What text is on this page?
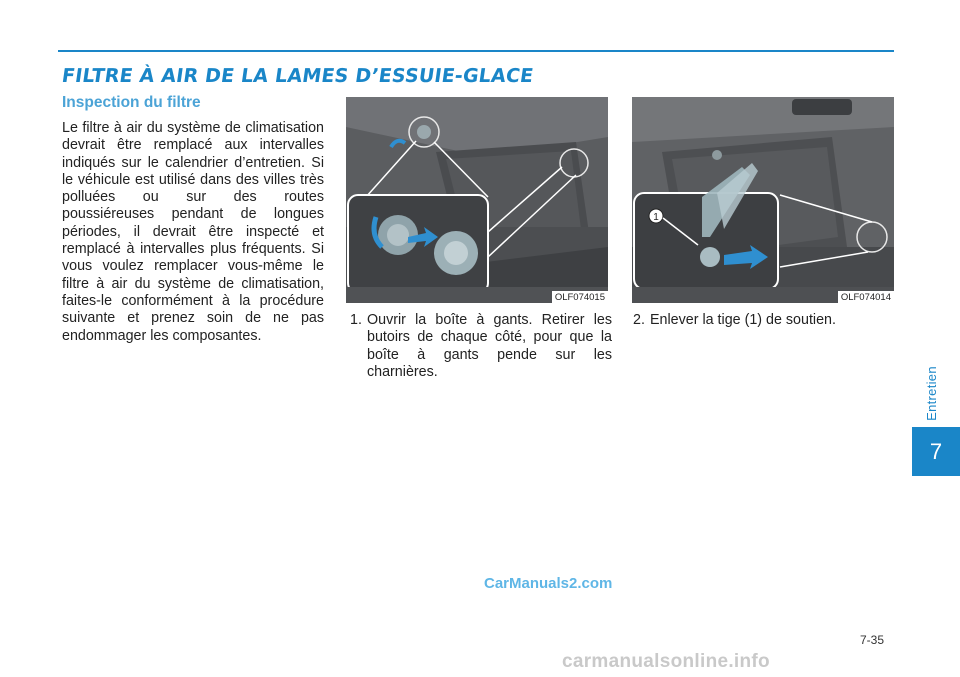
FILTRE À AIR DE LA LAMES D’ESSUIE-GLACE
Inspection du filtre
Le filtre à air du système de climatisation devrait être remplacé aux intervalles indiqués sur le calendrier d’entretien. Si le véhicule est utilisé dans des villes très polluées ou sur des routes poussiéreuses pendant de longues périodes, il devrait être inspecté et remplacé à intervalles plus fréquents. Si vous voulez remplacer vous-même le filtre à air du système de climatisation, faites-le conformément à la procédure suivante et prenez soin de ne pas endommager les composantes.
OLF074015
1
OLF074014
1. Ouvrir la boîte à gants. Retirer les butoirs de chaque côté, pour que la boîte à gants pende sur les charnières.
2. Enlever la tige (1) de soutien.
Entretien
7
CarManuals2.com
7-35
carmanualsonline.info
